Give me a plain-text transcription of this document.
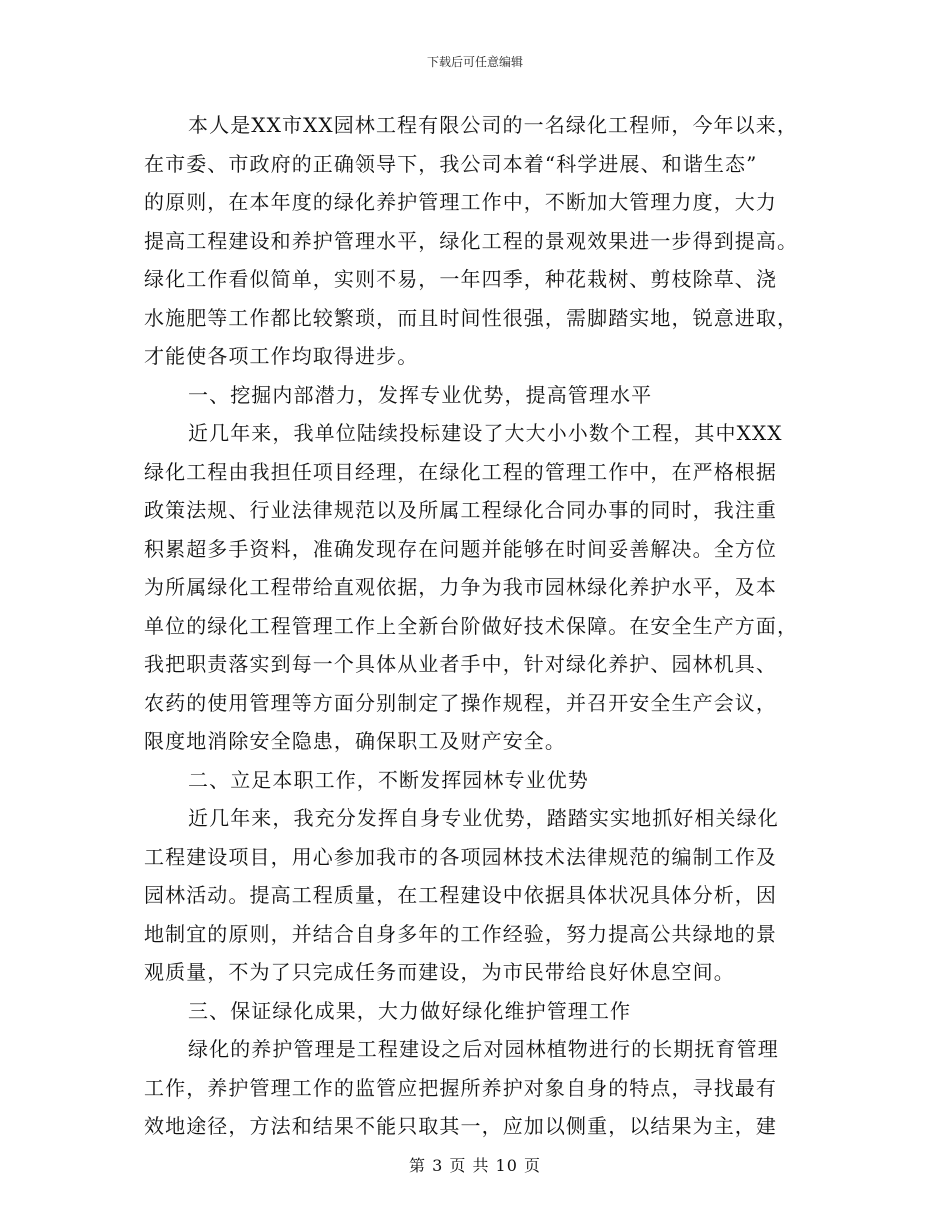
下载后可任意编辑
本人是XX市XX园林工程有限公司的一名绿化工程师，今年以来，
在市委、市政府的正确领导下，我公司本着“科学进展、和谐生态”
的原则，在本年度的绿化养护管理工作中，不断加大管理力度，大力
提高工程建设和养护管理水平，绿化工程的景观效果进一步得到提高。
绿化工作看似简单，实则不易，一年四季，种花栽树、剪枝除草、浇
水施肥等工作都比较繁琐，而且时间性很强，需脚踏实地，锐意进取，
才能使各项工作均取得进步。
一、挖掘内部潜力，发挥专业优势，提高管理水平
近几年来，我单位陆续投标建设了大大小小数个工程，其中XXX
绿化工程由我担任项目经理，在绿化工程的管理工作中，在严格根据
政策法规、行业法律规范以及所属工程绿化合同办事的同时，我注重
积累超多手资料，准确发现存在问题并能够在时间妥善解决。全方位
为所属绿化工程带给直观依据，力争为我市园林绿化养护水平，及本
单位的绿化工程管理工作上全新台阶做好技术保障。在安全生产方面，
我把职责落实到每一个具体从业者手中，针对绿化养护、园林机具、
农药的使用管理等方面分别制定了操作规程，并召开安全生产会议，
限度地消除安全隐患，确保职工及财产安全。
二、立足本职工作，不断发挥园林专业优势
近几年来，我充分发挥自身专业优势，踏踏实实地抓好相关绿化
工程建设项目，用心参加我市的各项园林技术法律规范的编制工作及
园林活动。提高工程质量，在工程建设中依据具体状况具体分析，因
地制宜的原则，并结合自身多年的工作经验，努力提高公共绿地的景
观质量，不为了只完成任务而建设，为市民带给良好休息空间。
三、保证绿化成果，大力做好绿化维护管理工作
绿化的养护管理是工程建设之后对园林植物进行的长期抚育管理
工作，养护管理工作的监管应把握所养护对象自身的特点，寻找最有
效地途径，方法和结果不能只取其一，应加以侧重，以结果为主，建
第 3 页 共 10 页
